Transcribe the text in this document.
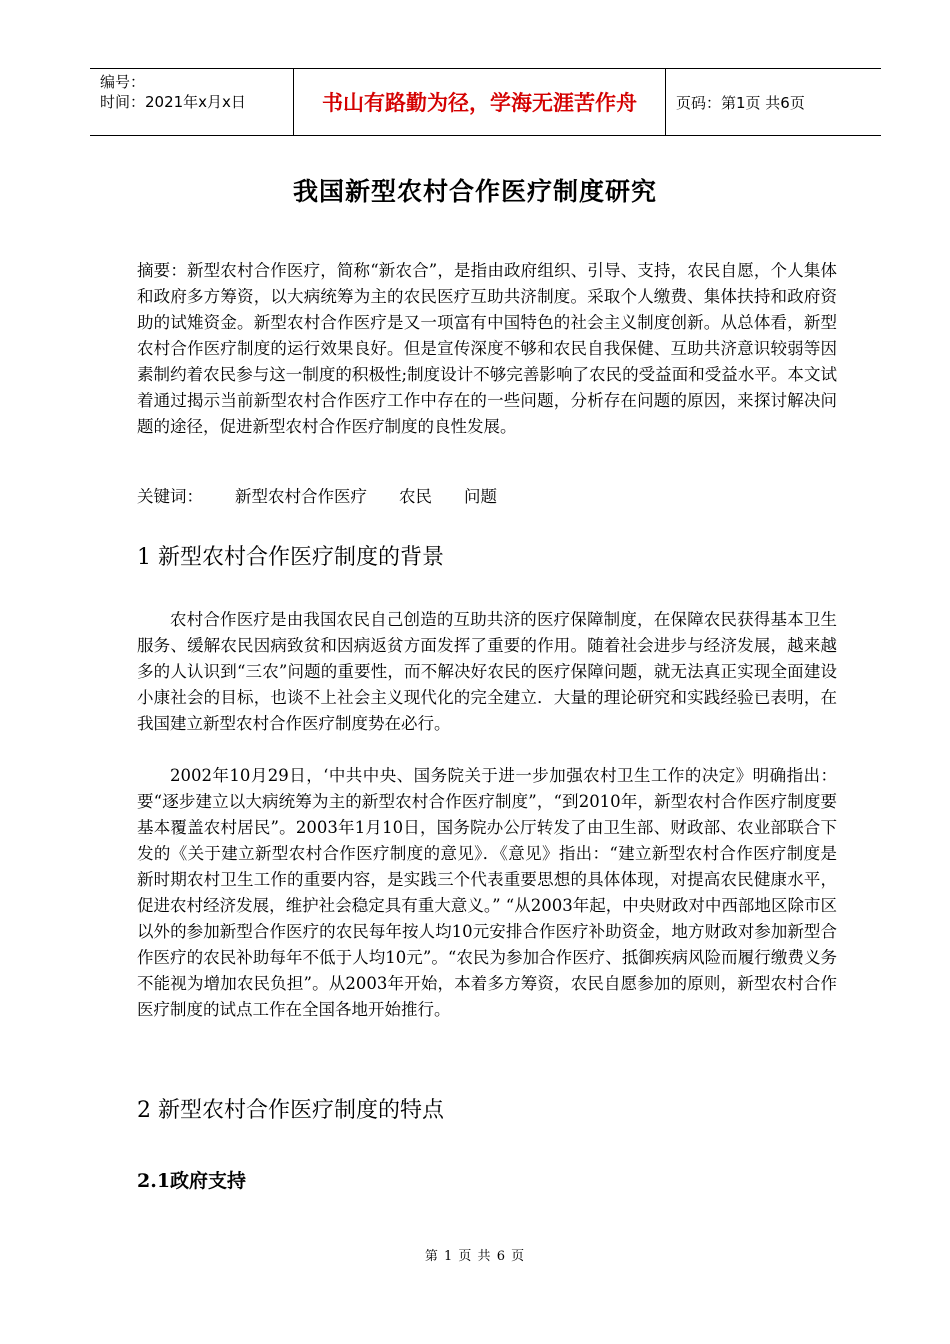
编号：
时间：2021年x月x日	书山有路勤为径，学海无涯苦作舟	页码：第1页 共6页
我国新型农村合作医疗制度研究

摘要：新型农村合作医疗，简称“新农合”，是指由政府组织、引导、支持，农民自愿，个人集体和政府多方筹资，以大病统筹为主的农民医疗互助共济制度。采取个人缴费、集体扶持和政府资助的试雉资金。新型农村合作医疗是又一项富有中国特色的社会主义制度创新。从总体看，新型农村合作医疗制度的运行效果良好。但是宣传深度不够和农民自我保健、互助共济意识较弱等因素制约着农民参与这一制度的积极性;制度设计不够完善影响了农民的受益面和受益水平。本文试着通过揭示当前新型农村合作医疗工作中存在的一些问题，分析存在问题的原因，来探讨解决问题的途径，促进新型农村合作医疗制度的良性发展。

关键词： 新型农村合作医疗 农民 问题
1 新型农村合作医疗制度的背景

农村合作医疗是由我国农民自己创造的互助共济的医疗保障制度，在保障农民获得基本卫生服务、缓解农民因病致贫和因病返贫方面发挥了重要的作用。随着社会进步与经济发展，越来越多的人认识到“三农”问题的重要性，而不解决好农民的医疗保障问题，就无法真正实现全面建设小康社会的目标，也谈不上社会主义现代化的完全建立．大量的理论研究和实践经验已表明，在我国建立新型农村合作医疗制度势在必行。

2002年10月29日，‘中共中央、国务院关于进一步加强农村卫生工作的决定》明确指出：要“逐步建立以大病统筹为主的新型农村合作医疗制度”，“到2010年，新型农村合作医疗制度要基本覆盖农村居民”。2003年1月10日，国务院办公厅转发了由卫生部、财政部、农业部联合下发的《关于建立新型农村合作医疗制度的意见》．《意见》指出：“建立新型农村合作医疗制度是新时期农村卫生工作的重要内容，是实践三个代表重要思想的具体体现，对提高农民健康水平，促进农村经济发展，维护社会稳定具有重大意义。” “从2003年起，中央财政对中西部地区除市区以外的参加新型合作医疗的农民每年按人均10元安排合作医疗补助资金，地方财政对参加新型合作医疗的农民补助每年不低于人均10元”。“农民为参加合作医疗、抵御疾病风险而履行缴费义务不能视为增加农民负担”。从2003年开始，本着多方筹资，农民自愿参加的原则，新型农村合作医疗制度的试点工作在全国各地开始推行。

2 新型农村合作医疗制度的特点
2.1政府支持
第 1 页 共 6 页
